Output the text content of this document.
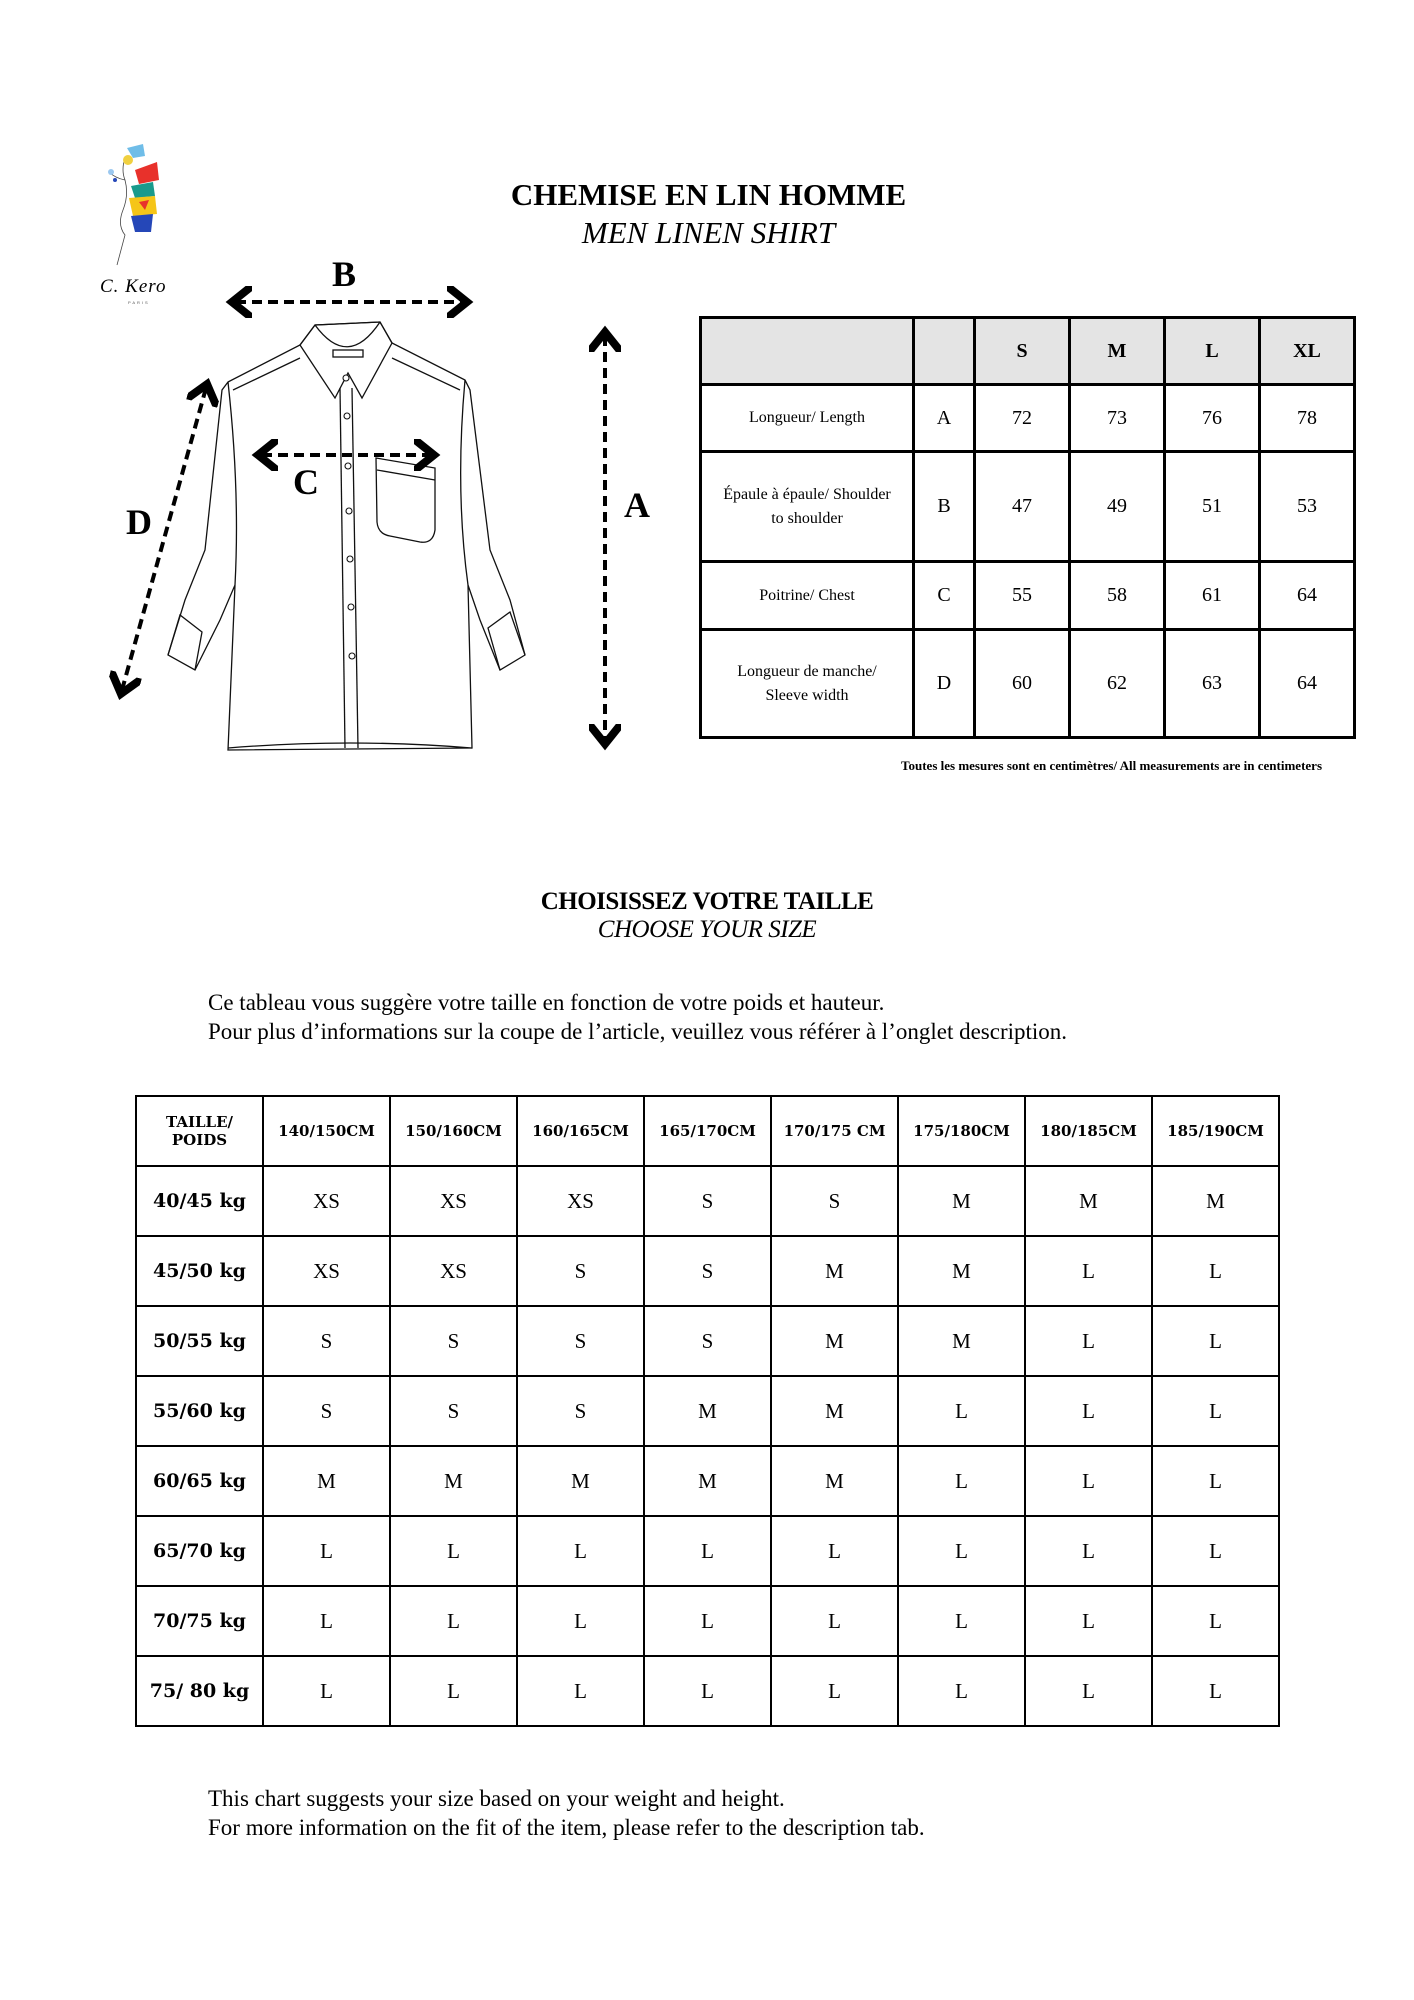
C. Kero
PARIS
CHEMISE EN LIN HOMME
MEN LINEN SHIRT
B
C
D	A
		S	M	L	XL
Longueur/ Length	A	72	73	76	78
Épaule à épaule/ Shoulder to shoulder	B	47	49	51	53
Poitrine/ Chest	C	55	58	61	64
Longueur de manche/ Sleeve width	D	60	62	63	64
Toutes les mesures sont en centimètres/ All measurements are in centimeters
CHOISISSEZ VOTRE TAILLE
CHOOSE YOUR SIZE
Ce tableau vous suggère votre taille en fonction de votre poids et hauteur.
Pour plus d’informations sur la coupe de l’article, veuillez vous référer à l’onglet description.
TAILLE/
POIDS	140/150CM	150/160CM	160/165CM	165/170CM	170/175 CM	175/180CM	180/185CM	185/190CM
40/45 kg	XS	XS	XS	S	S	M	M	M
45/50 kg	XS	XS	S	S	M	M	L	L
50/55 kg	S	S	S	S	M	M	L	L
55/60 kg	S	S	S	M	M	L	L	L
60/65 kg	M	M	M	M	M	L	L	L
65/70 kg	L	L	L	L	L	L	L	L
70/75 kg	L	L	L	L	L	L	L	L
75/ 80 kg	L	L	L	L	L	L	L	L
This chart suggests your size based on your weight and height.
For more information on the fit of the item, please refer to the description tab.
